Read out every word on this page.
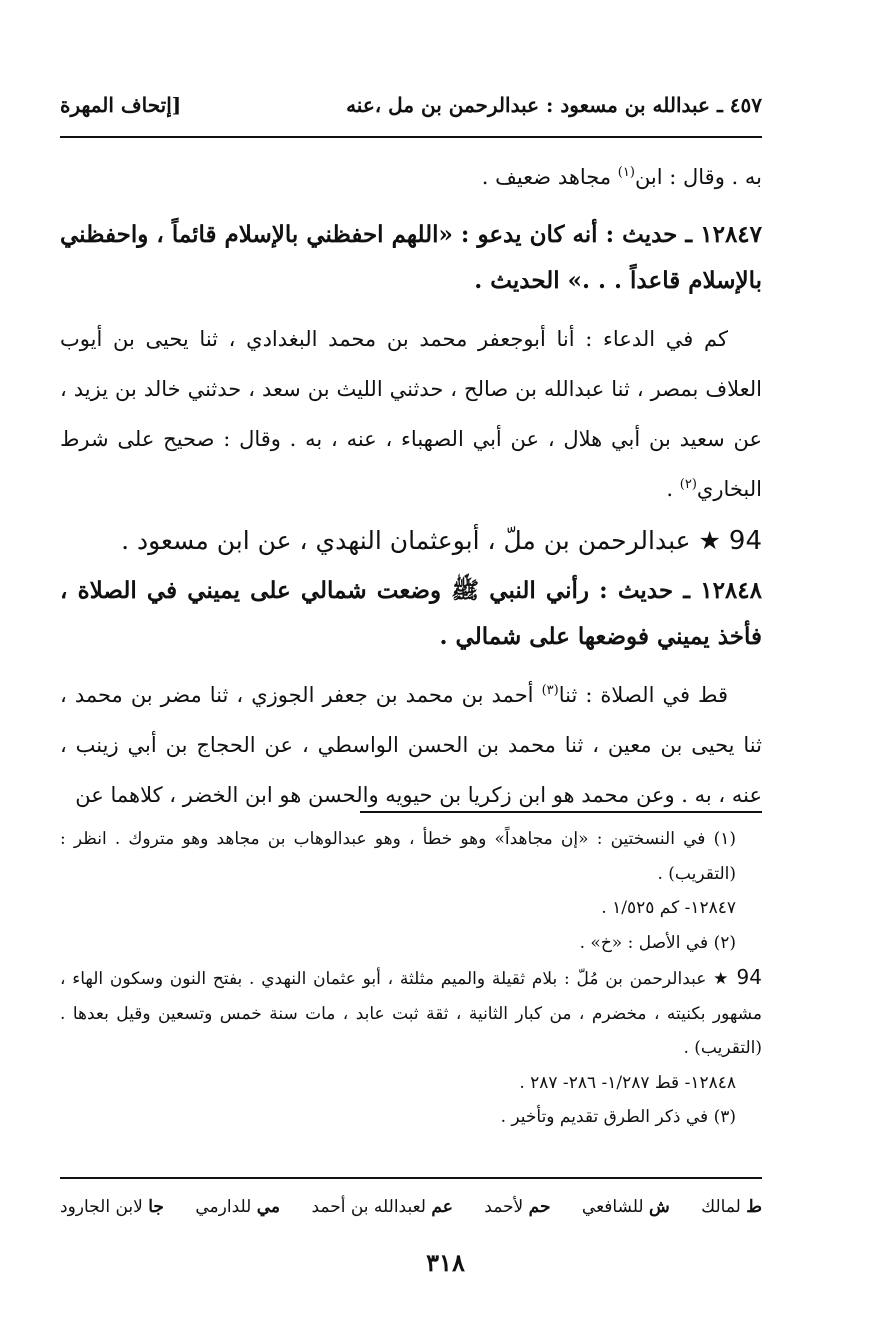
٤٥٧ ـ عبدالله بن مسعود : عبدالرحمن بن مل ،عنه
[إتحاف المهرة

به . وقال : ابن$^{(١)}$ مجاهد ضعيف .

١٢٨٤٧ ـ حديث : أنه كان يدعو : «اللهم احفظني بالإسلام قائماً ، واحفظني بالإسلام قاعداً . . .» الحديث .

كم في الدعاء : أنا أبوجعفر محمد بن محمد البغدادي ، ثنا يحيى بن أيوب العلاف بمصر ، ثنا عبدالله بن صالح ، حدثني الليث بن سعد ، حدثني خالد بن يزيد ، عن سعيد بن أبي هلال ، عن أبي الصهباء ، عنه ، به . وقال : صحيح على شرط البخاري$^{(٢)}$ .

94 ★ عبدالرحمن بن ملّ ، أبوعثمان النهدي ، عن ابن مسعود .

١٢٨٤٨ ـ حديث : رأني النبي ﷺ وضعت شمالي على يميني في الصلاة ، فأخذ يميني فوضعها على شمالي .

قط في الصلاة : ثنا$^{(٣)}$ أحمد بن محمد بن جعفر الجوزي ، ثنا مضر بن محمد ، ثنا يحيى بن معين ، ثنا محمد بن الحسن الواسطي ، عن الحجاج بن أبي زينب ، عنه ، به . وعن محمد هو ابن زكريا بن حيويه والحسن هو ابن الخضر ، كلاهما عن

(١) في النسختين : «إن مجاهداً» وهو خطأ ، وهو عبدالوهاب بن مجاهد وهو متروك . انظر : (التقريب) .

١٢٨٤٧- كم ١/٥٢٥ .

(٢) في الأصل : «خ» .

94 ★ عبدالرحمن بن مُلّ : بلام ثقيلة والميم مثلثة ، أبو عثمان النهدي . بفتح النون وسكون الهاء ، مشهور بكنيته ، مخضرم ، من كبار الثانية ، ثقة ثبت عابد ، مات سنة خمس وتسعين وقيل بعدها . (التقريب) .

١٢٨٤٨- قط ١/٢٨٧- ٢٨٦- ٢٨٧ .

(٣) في ذكر الطرق تقديم وتأخير .

ط لمالك
ش للشافعي
حم لأحمد
عم لعبدالله بن أحمد
مي للدارمي
جا لابن الجارود
٣١٨
